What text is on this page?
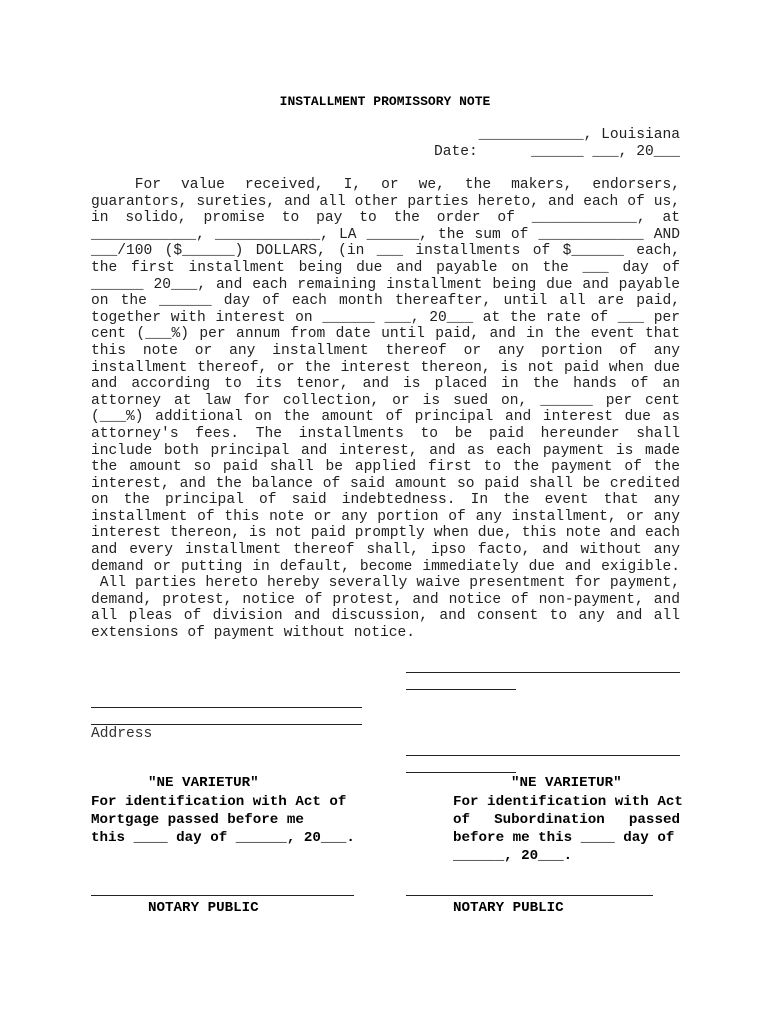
INSTALLMENT PROMISSORY NOTE
____________, Louisiana
Date:	______ ___, 20___
For value received, I, or we, the makers, endorsers,
guarantors, sureties, and all other parties hereto, and each of us,
in solido, promise to pay to the order of ____________, at
____________, ____________, LA ______, the sum of ____________ AND
___/100 ($______) DOLLARS, (in ___ installments of $______ each,
the first installment being due and payable on the ___ day of
______ 20___, and each remaining installment being due and payable
on the ______ day of each month thereafter, until all are paid,
together with interest on ______ ___, 20___ at the rate of ___ per
cent (___%) per annum from date until paid, and in the event that
this note or any installment thereof or any portion of any
installment thereof, or the interest thereon, is not paid when due
and according to its tenor, and is placed in the hands of an
attorney at law for collection, or is sued on, ______ per cent
(___%) additional on the amount of principal and interest due as
attorney's fees. The installments to be paid hereunder shall
include both principal and interest, and as each payment is made
the amount so paid shall be applied first to the payment of the
interest, and the balance of said amount so paid shall be credited
on the principal of said indebtedness. In the event that any
installment of this note or any portion of any installment, or any
interest thereon, is not paid promptly when due, this note and each
and every installment thereof shall, ipso facto, and without any
demand or putting in default, become immediately due and exigible.
All parties hereto hereby severally waive presentment for payment,
demand, protest, notice of protest, and notice of non-payment, and
all pleas of division and discussion, and consent to any and all
extensions of payment without notice.
Address
"NE VARIETUR"
For identification with Act of
Mortgage passed before me
this ____ day of ______, 20___.
"NE VARIETUR"
For identification with Act
of Subordination passed
before me this ____ day of
______, 20___.
NOTARY PUBLIC	NOTARY PUBLIC
